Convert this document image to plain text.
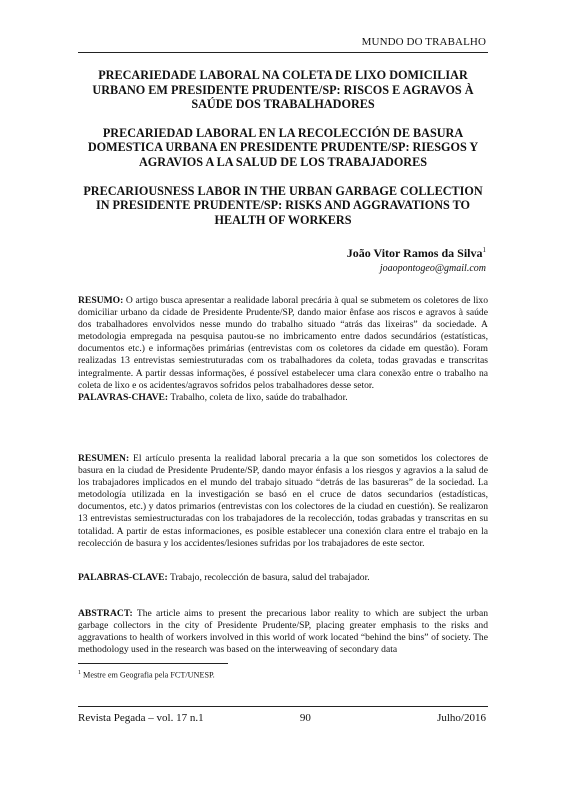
MUNDO DO TRABALHO
PRECARIEDADE LABORAL NA COLETA DE LIXO DOMICILIAR URBANO EM PRESIDENTE PRUDENTE/SP: RISCOS E AGRAVOS À SAÚDE DOS TRABALHADORES
PRECARIEDAD LABORAL EN LA RECOLECCIÓN DE BASURA DOMESTICA URBANA EN PRESIDENTE PRUDENTE/SP: RIESGOS Y AGRAVIOS A LA SALUD DE LOS TRABAJADORES
PRECARIOUSNESS LABOR IN THE URBAN GARBAGE COLLECTION IN PRESIDENTE PRUDENTE/SP: RISKS AND AGGRAVATIONS TO HEALTH OF WORKERS
João Vitor Ramos da Silva$^1$
joaopontogeo@gmail.com
RESUMO: O artigo busca apresentar a realidade laboral precária à qual se submetem os coletores de lixo domiciliar urbano da cidade de Presidente Prudente/SP, dando maior ênfase aos riscos e agravos à saúde dos trabalhadores envolvidos nesse mundo do trabalho situado “atrás das lixeiras” da sociedade. A metodologia empregada na pesquisa pautou-se no imbricamento entre dados secundários (estatísticas, documentos etc.) e informações primárias (entrevistas com os coletores da cidade em questão). Foram realizadas 13 entrevistas semiestruturadas com os trabalhadores da coleta, todas gravadas e transcritas integralmente. A partir dessas informações, é possível estabelecer uma clara conexão entre o trabalho na coleta de lixo e os acidentes/agravos sofridos pelos trabalhadores desse setor.
PALAVRAS-CHAVE: Trabalho, coleta de lixo, saúde do trabalhador.
RESUMEN: El artículo presenta la realidad laboral precaria a la que son sometidos los colectores de basura en la ciudad de Presidente Prudente/SP, dando mayor énfasis a los riesgos y agravios a la salud de los trabajadores implicados en el mundo del trabajo situado “detrás de las basureras” de la sociedad. La metodología utilizada en la investigación se basó en el cruce de datos secundarios (estadísticas, documentos, etc.) y datos primarios (entrevistas con los colectores de la ciudad en cuestión). Se realizaron 13 entrevistas semiestructuradas con los trabajadores de la recolección, todas grabadas y transcritas en su totalidad. A partir de estas informaciones, es posible establecer una conexión clara entre el trabajo en la recolección de basura y los accidentes/lesiones sufridas por los trabajadores de este sector.
PALABRAS-CLAVE: Trabajo, recolección de basura, salud del trabajador.
ABSTRACT: The article aims to present the precarious labor reality to which are subject the urban garbage collectors in the city of Presidente Prudente/SP, placing greater emphasis to the risks and aggravations to health of workers involved in this world of work located “behind the bins” of society. The methodology used in the research was based on the interweaving of secondary data
$^1$ Mestre em Geografia pela FCT/UNESP.
Revista Pegada – vol. 17 n.1	90	Julho/2016
